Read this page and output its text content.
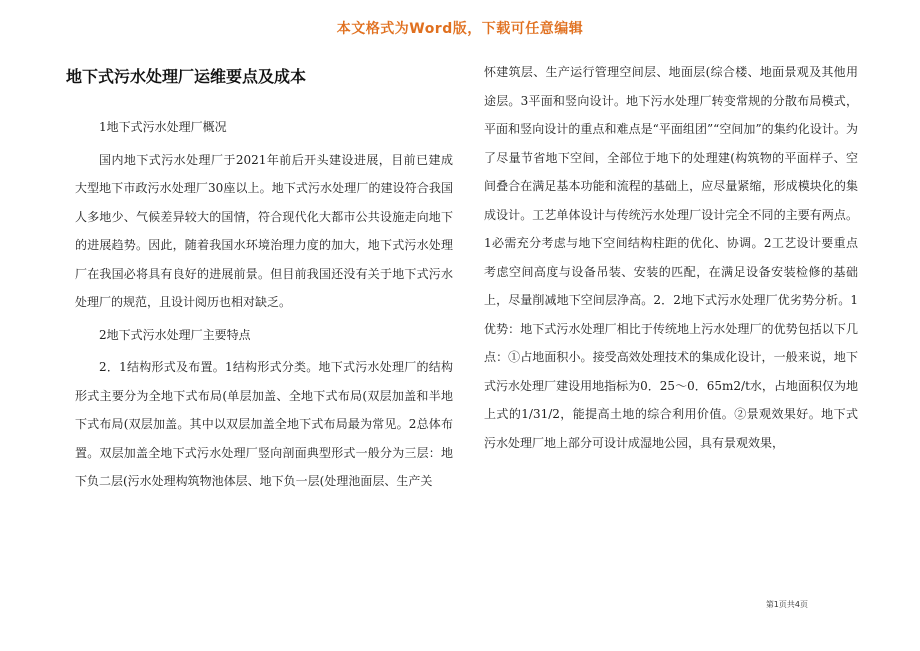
本文格式为Word版，下载可任意编辑
地下式污水处理厂运维要点及成本

1地下式污水处理厂概况

国内地下式污水处理厂于2021年前后开头建设进展，目前已建成大型地下市政污水处理厂30座以上。地下式污水处理厂的建设符合我国人多地少、气候差异较大的国情，符合现代化大都市公共设施走向地下的进展趋势。因此，随着我国水环境治理力度的加大，地下式污水处理厂在我国必将具有良好的进展前景。但目前我国还没有关于地下式污水处理厂的规范，且设计阅历也相对缺乏。

2地下式污水处理厂主要特点

2．1结构形式及布置。1结构形式分类。地下式污水处理厂的结构形式主要分为全地下式布局(单层加盖、全地下式布局(双层加盖和半地下式布局(双层加盖。其中以双层加盖全地下式布局最为常见。2总体布置。双层加盖全地下式污水处理厂竖向剖面典型形式一般分为三层：地下负二层(污水处理构筑物池体层、地下负一层(处理池面层、生产关

怀建筑层、生产运行管理空间层、地面层(综合楼、地面景观及其他用途层。3平面和竖向设计。地下污水处理厂转变常规的分散布局模式，平面和竖向设计的重点和难点是“平面组团”“空间加”的集约化设计。为了尽量节省地下空间，全部位于地下的处理建(构筑物的平面样子、空间叠合在满足基本功能和流程的基础上，应尽量紧缩，形成模块化的集成设计。工艺单体设计与传统污水处理厂设计完全不同的主要有两点。1必需充分考虑与地下空间结构柱距的优化、协调。2工艺设计要重点考虑空间高度与设备吊装、安装的匹配，在满足设备安装检修的基础上，尽量削减地下空间层净高。2．2地下式污水处理厂优劣势分析。1优势：地下式污水处理厂相比于传统地上污水处理厂的优势包括以下几点：①占地面积小。接受高效处理技术的集成化设计，一般来说，地下式污水处理厂建设用地指标为0．25～0．65m2/t水，占地面积仅为地上式的1/31/2，能提高土地的综合利用价值。②景观效果好。地下式污水处理厂地上部分可设计成湿地公园，具有景观效果，

第1页共4页
